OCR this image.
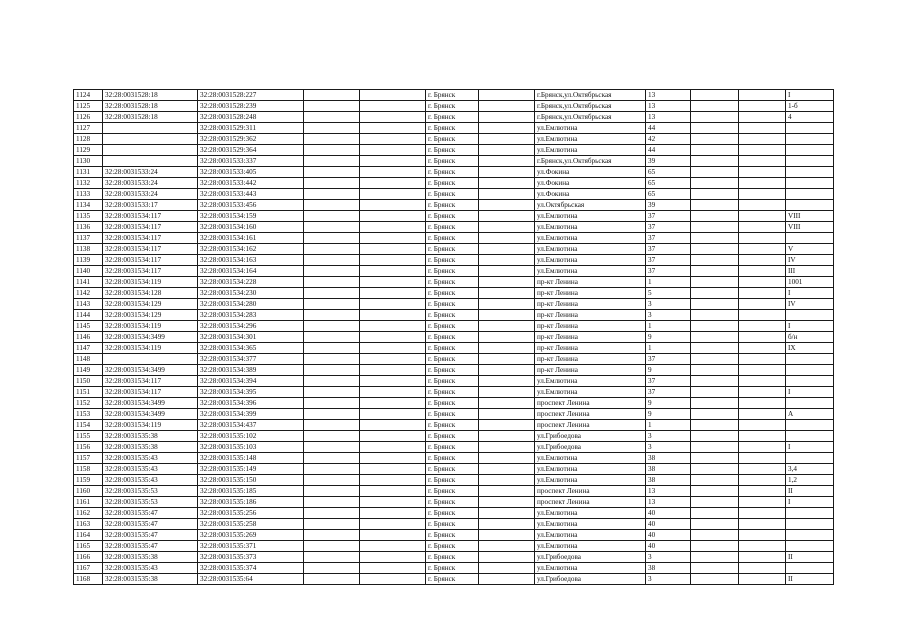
1124	32:28:0031528:18	32:28:0031528:227			г. Брянск		г.Брянск,ул.Октябрьская	13			I
1125	32:28:0031528:18	32:28:0031528:239			г. Брянск		г.Брянск,ул.Октябрьская	13			1-б
1126	32:28:0031528:18	32:28:0031528:248			г. Брянск		г.Брянск,ул.Октябрьская	13			4
1127		32:28:0031529:311			г. Брянск		ул.Емлютина	44			
1128		32:28:0031529:362			г. Брянск		ул.Емлютина	42			
1129		32:28:0031529:364			г. Брянск		ул.Емлютина	44			
1130		32:28:0031533:337			г. Брянск		г.Брянск,ул.Октябрьская	39			
1131	32:28:0031533:24	32:28:0031533:405			г. Брянск		ул.Фокина	65			
1132	32:28:0031533:24	32:28:0031533:442			г. Брянск		ул.Фокина	65			
1133	32:28:0031533:24	32:28:0031533:443			г. Брянск		ул.Фокина	65			
1134	32:28:0031533:17	32:28:0031533:456			г. Брянск		ул.Октябрьская	39			
1135	32:28:0031534:117	32:28:0031534:159			г. Брянск		ул.Емлютина	37			VIII
1136	32:28:0031534:117	32:28:0031534:160			г. Брянск		ул.Емлютина	37			VIII
1137	32:28:0031534:117	32:28:0031534:161			г. Брянск		ул.Емлютина	37			
1138	32:28:0031534:117	32:28:0031534:162			г. Брянск		ул.Емлютина	37			V
1139	32:28:0031534:117	32:28:0031534:163			г. Брянск		ул.Емлютина	37			IV
1140	32:28:0031534:117	32:28:0031534:164			г. Брянск		ул.Емлютина	37			III
1141	32:28:0031534:119	32:28:0031534:228			г. Брянск		пр-кт Ленина	1			1001
1142	32:28:0031534:128	32:28:0031534:230			г. Брянск		пр-кт Ленина	5			I
1143	32:28:0031534:129	32:28:0031534:280			г. Брянск		пр-кт Ленина	3			IV
1144	32:28:0031534:129	32:28:0031534:283			г. Брянск		пр-кт Ленина	3			
1145	32:28:0031534:119	32:28:0031534:296			г. Брянск		пр-кт Ленина	1			I
1146	32:28:0031534:3499	32:28:0031534:301			г. Брянск		пр-кт Ленина	9			б/н
1147	32:28:0031534:119	32:28:0031534:365			г. Брянск		пр-кт Ленина	1			IX
1148		32:28:0031534:377			г. Брянск		пр-кт Ленина	37			
1149	32:28:0031534:3499	32:28:0031534:389			г. Брянск		пр-кт Ленина	9			
1150	32:28:0031534:117	32:28:0031534:394			г. Брянск		ул.Емлютина	37			
1151	32:28:0031534:117	32:28:0031534:395			г. Брянск		ул.Емлютина	37			I
1152	32:28:0031534:3499	32:28:0031534:396			г. Брянск		проспект Ленина	9			
1153	32:28:0031534:3499	32:28:0031534:399			г. Брянск		проспект Ленина	9			А
1154	32:28:0031534:119	32:28:0031534:437			г. Брянск		проспект Ленина	1			
1155	32:28:0031535:38	32:28:0031535:102			г. Брянск		ул.Грибоедова	3			
1156	32:28:0031535:38	32:28:0031535:103			г. Брянск		ул.Грибоедова	3			I
1157	32:28:0031535:43	32:28:0031535:148			г. Брянск		ул.Емлютина	38			
1158	32:28:0031535:43	32:28:0031535:149			г. Брянск		ул.Емлютина	38			3,4
1159	32:28:0031535:43	32:28:0031535:150			г. Брянск		ул.Емлютина	38			1,2
1160	32:28:0031535:53	32:28:0031535:185			г. Брянск		проспект Ленина	13			II
1161	32:28:0031535:53	32:28:0031535:186			г. Брянск		проспект Ленина	13			I
1162	32:28:0031535:47	32:28:0031535:256			г. Брянск		ул.Емлютина	40			
1163	32:28:0031535:47	32:28:0031535:258			г. Брянск		ул.Емлютина	40			
1164	32:28:0031535:47	32:28:0031535:269			г. Брянск		ул.Емлютина	40			
1165	32:28:0031535:47	32:28:0031535:371			г. Брянск		ул.Емлютина	40			
1166	32:28:0031535:38	32:28:0031535:373			г. Брянск		ул.Грибоедова	3			II
1167	32:28:0031535:43	32:28:0031535:374			г. Брянск		ул.Емлютина	38			
1168	32:28:0031535:38	32:28:0031535:64			г. Брянск		ул.Грибоедова	3			II
